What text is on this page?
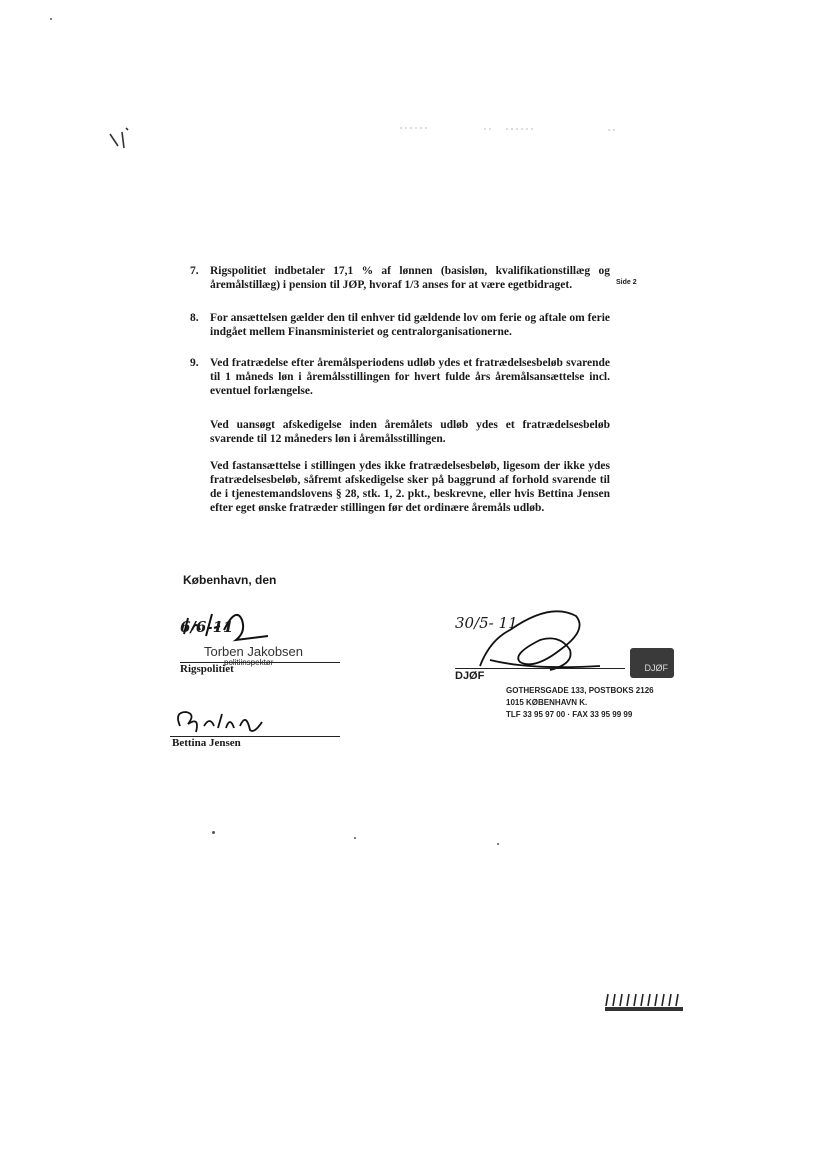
7. Rigspolitiet indbetaler 17,1 % af lønnen (basisløn, kvalifikationstillæg og åremålstillæg) i pension til JØP, hvoraf 1/3 anses for at være egetbidraget.	Side 2
8. For ansættelsen gælder den til enhver tid gældende lov om ferie og aftale om ferie indgået mellem Finansministeriet og centralorganisationerne.
9. Ved fratrædelse efter åremålsperiodens udløb ydes et fratrædelsesbeløb svarende til 1 måneds løn i åremålsstillingen for hvert fulde års åremålsansættelse incl. eventuel forlængelse.
Ved uansøgt afskedigelse inden åremålets udløb ydes et fratrædelsesbeløb svarende til 12 måneders løn i åremålsstillingen.
Ved fastansættelse i stillingen ydes ikke fratrædelsesbeløb, ligesom der ikke ydes fratrædelsesbeløb, såfremt afskedigelse sker på baggrund af forhold svarende til de i tjenestemandslovens § 28, stk. 1, 2. pkt., beskrevne, eller hvis Bettina Jensen efter eget ønske fratræder stillingen før det ordinære åremåls udløb.
København, den
6/6-11
Torben Jakobsen
Rigspolitiet
30/5- 11
DJØF
DJØF
GOTHERSGADE 133, POSTBOKS 2126
1015 KØBENHAVN K.
TLF 33 95 97 00 · FAX 33 95 99 99
Bettina Jensen
